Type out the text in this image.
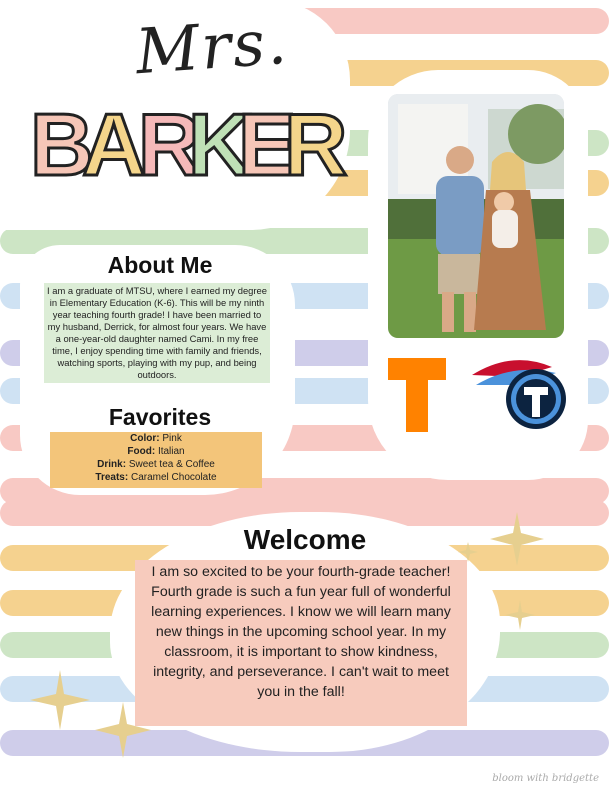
Mrs.
B
A
R
K
E
R
About Me
I am a graduate of MTSU, where I earned my degree in Elementary Education (K-6). This will be my ninth year teaching fourth grade! I have been married to my husband, Derrick, for almost four years. We have a one-year-old daughter named Cami. In my free time, I enjoy spending time with family and friends, watching sports, playing with my pup, and being outdoors.
Favorites
Color: Pink
Food: Italian
Drink: Sweet tea & Coffee
Treats: Caramel Chocolate
Welcome
I am so excited to be your fourth-grade teacher! Fourth grade is such a fun year full of wonderful learning experiences. I know we will learn many new things in the upcoming school year. In my classroom, it is important to show kindness, integrity, and perseverance. I can't wait to meet you in the fall!
bloom with bridgette
